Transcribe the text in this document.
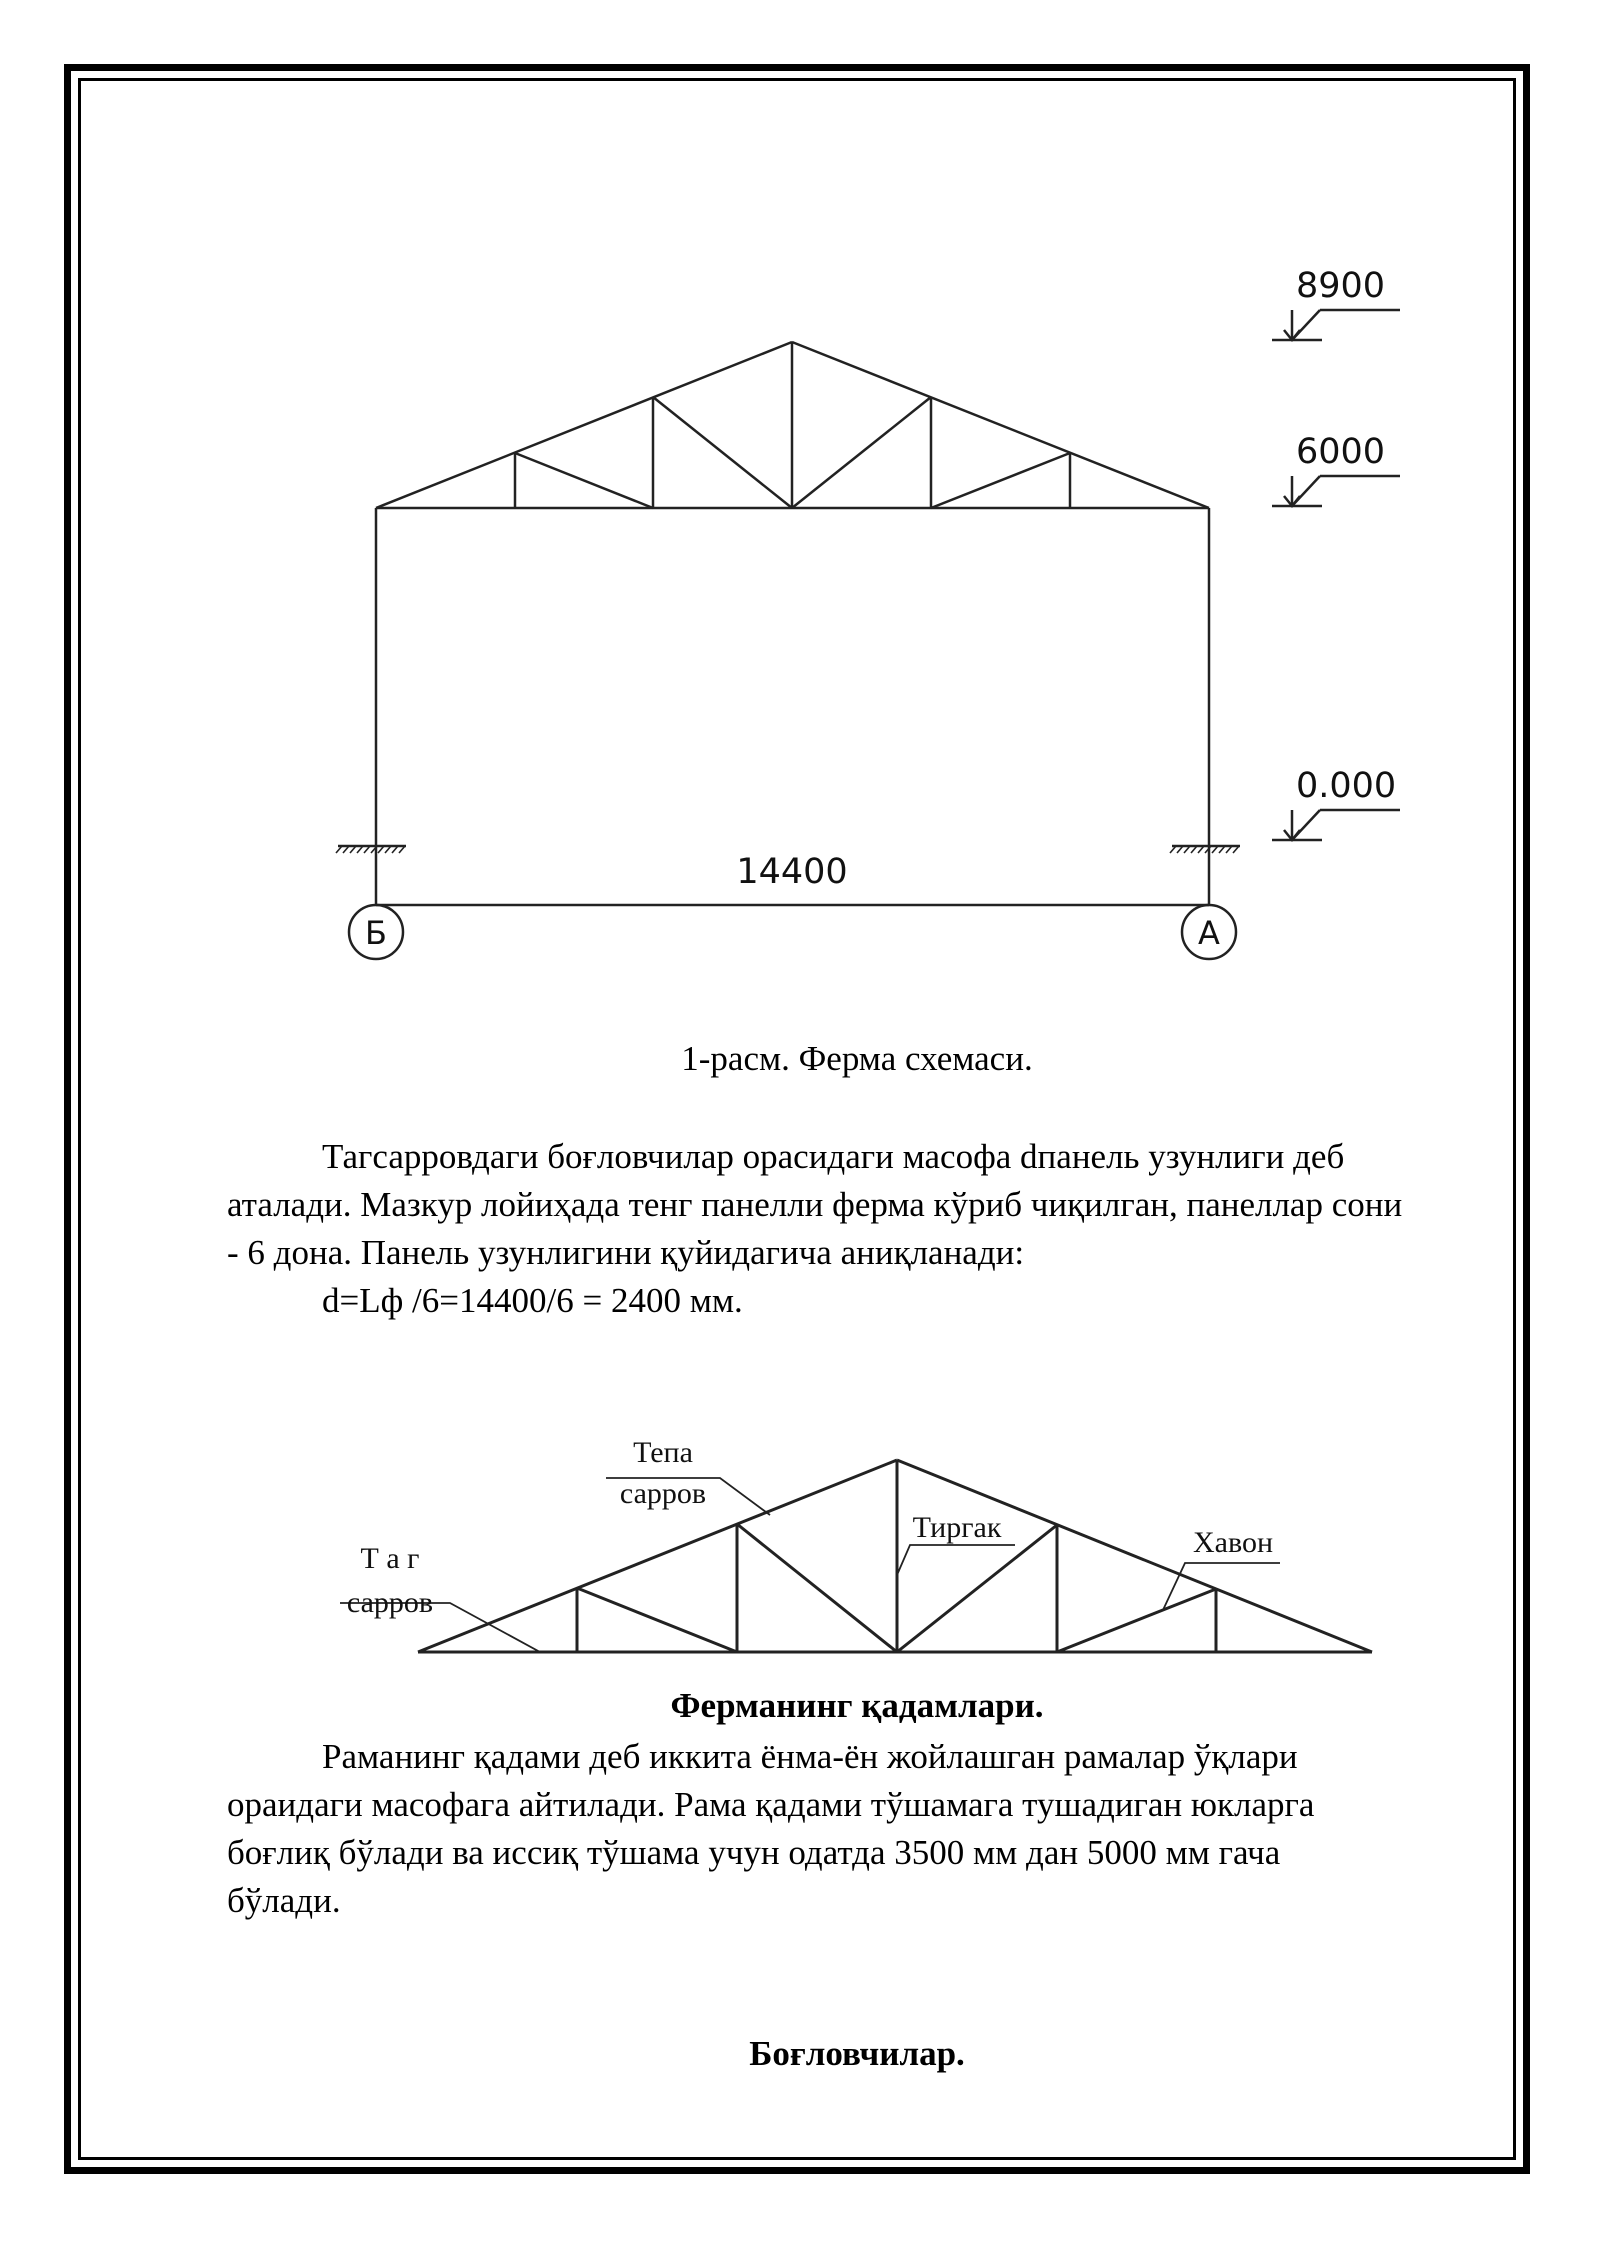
8900
6000
0.000
14400
Б	А
Тепа
сарров
Т а г
сарров
Тиргак	Хавон

1-расм. Ферма схемаси.

Тагсарровдаги боғловчилар орасидаги масофа dпанель узунлиги деб

аталади. Мазкур лойиҳада тенг панелли ферма кўриб чиқилган, панеллар сони

- 6 дона. Панель узунлигини қуйидагича аниқланади:

d=Lф /6=14400/6 = 2400 мм.

Ферманинг қадамлари.

Раманинг қадами деб иккита ёнма-ён жойлашган рамалар ўқлари

ораидаги масофага айтилади. Рама қадами тўшамага тушадиган юкларга

боғлиқ бўлади ва иссиқ тўшама учун одатда 3500 мм дан 5000 мм гача

бўлади.

Боғловчилар.
